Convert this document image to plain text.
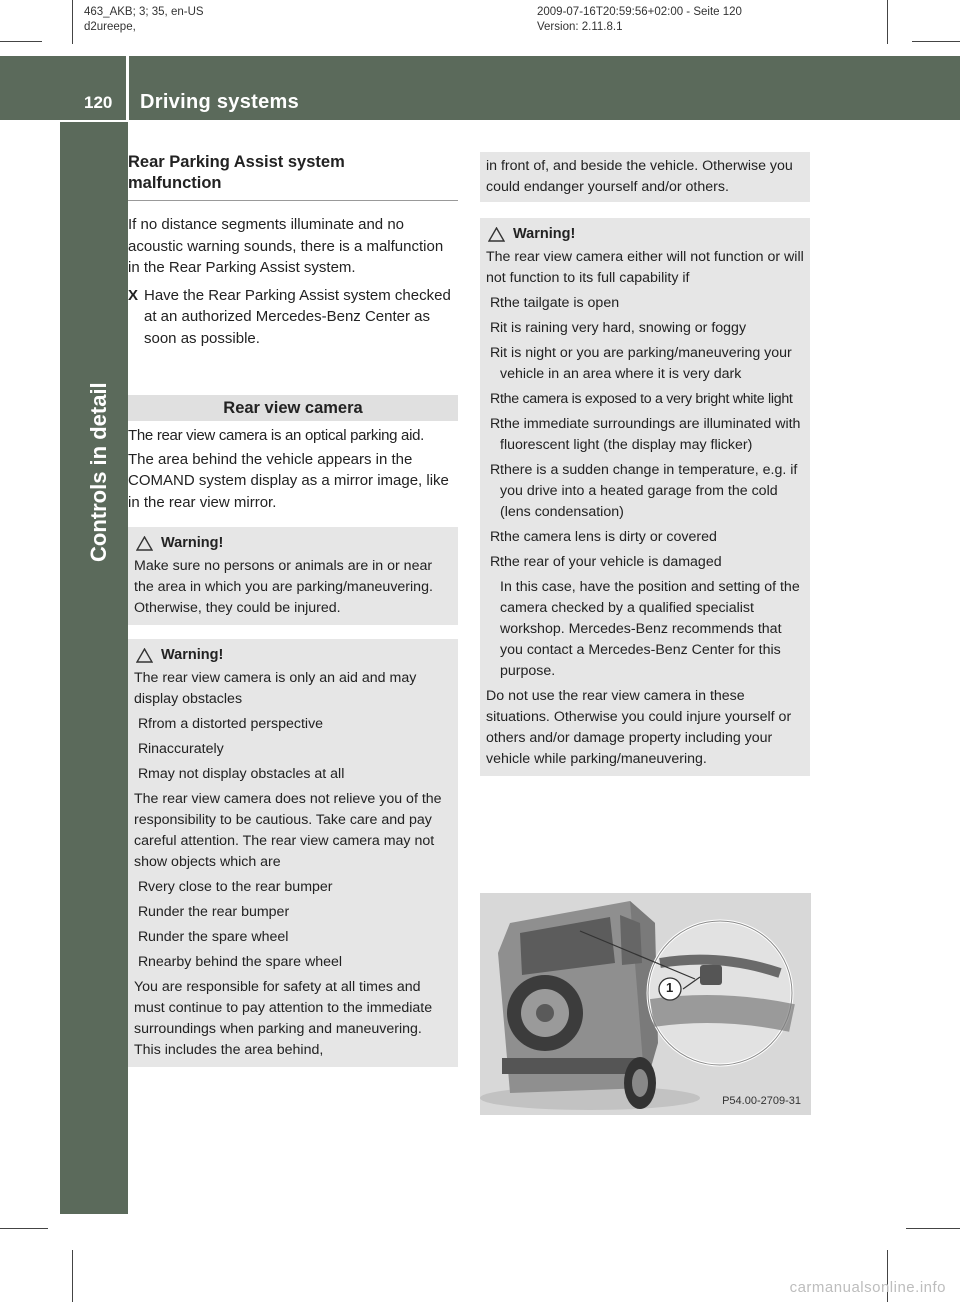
463_AKB; 3; 35, en-US
d2ureepe,
2009-07-16T20:59:56+02:00 - Seite 120
Version: 2.11.8.1
120 Driving systems
Controls in detail
Rear Parking Assist system
malfunction

If no distance segments illuminate and no acoustic warning sounds, there is a malfunction in the Rear Parking Assist system.

X Have the Rear Parking Assist system checked at an authorized Mercedes-Benz Center as soon as possible.
Rear view camera

The rear view camera is an optical parking aid.

The area behind the vehicle appears in the COMAND system display as a mirror image, like in the rear view mirror.

Warning!
Make sure no persons or animals are in or near the area in which you are parking/maneuvering. Otherwise, they could be injured.
Warning!
The rear view camera is only an aid and may display obstacles
R from a distorted perspective
R inaccurately
R may not display obstacles at all
The rear view camera does not relieve you of the responsibility to be cautious. Take care and pay careful attention. The rear view camera may not show objects which are
R very close to the rear bumper
R under the rear bumper
R under the spare wheel
R nearby behind the spare wheel
You are responsible for safety at all times and must continue to pay attention to the immediate surroundings when parking and maneuvering. This includes the area behind,
in front of, and beside the vehicle. Otherwise you could endanger yourself and/or others.
Warning!
The rear view camera either will not function or will not function to its full capability if
R the tailgate is open
R it is raining very hard, snowing or foggy
R it is night or you are parking/maneuvering your vehicle in an area where it is very dark
R the camera is exposed to a very bright white light
R the immediate surroundings are illuminated with fluorescent light (the display may flicker)
R there is a sudden change in temperature, e.g. if you drive into a heated garage from the cold (lens condensation)
R the camera lens is dirty or covered
R the rear of your vehicle is damaged
In this case, have the position and setting of the camera checked by a qualified specialist workshop. Mercedes-Benz recommends that you contact a Mercedes-Benz Center for this purpose.
Do not use the rear view camera in these situations. Otherwise you could injure yourself or others and/or damage property including your vehicle while parking/maneuvering.
1
P54.00-2709-31
carmanualsonline.info
